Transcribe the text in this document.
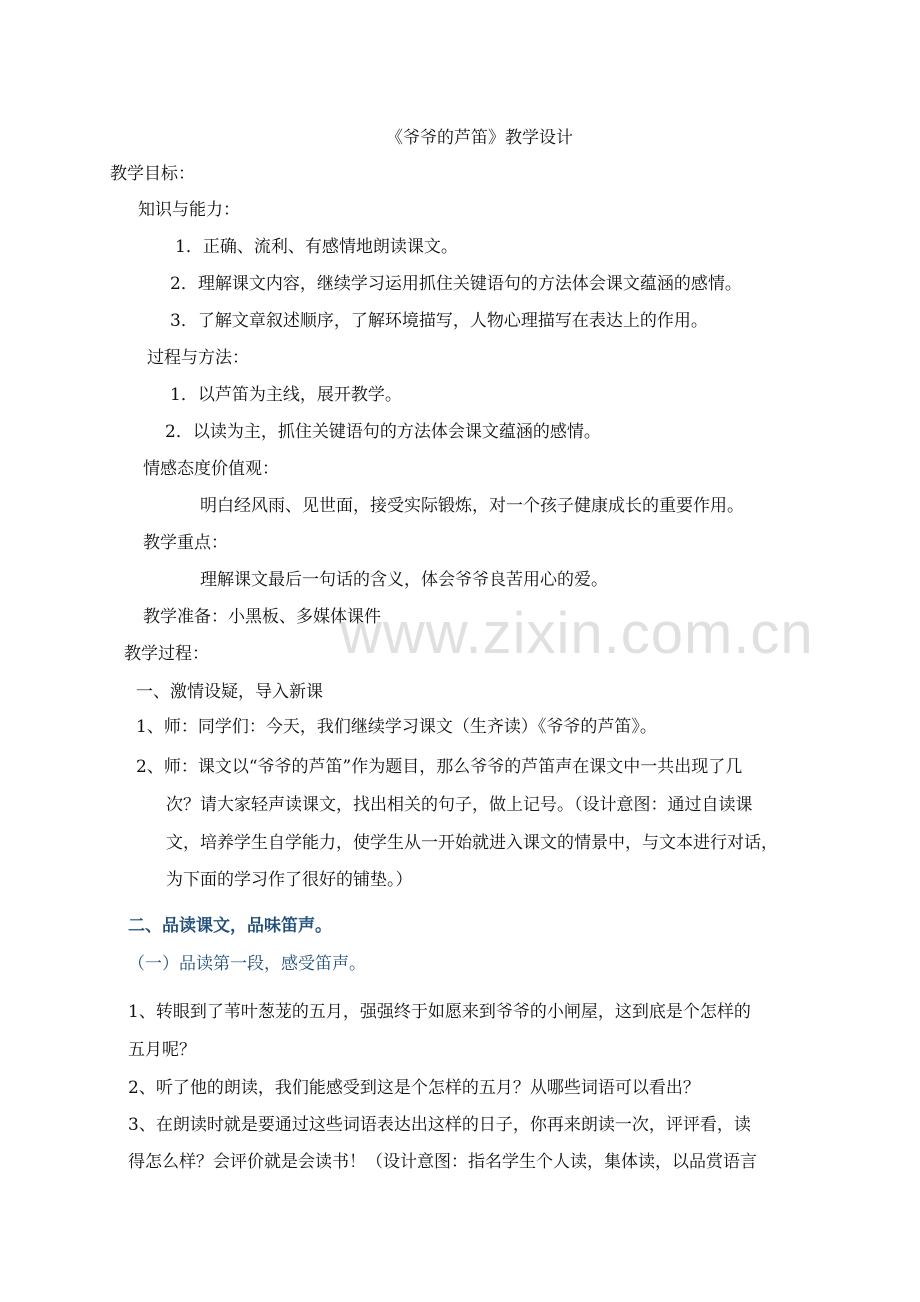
《爷爷的芦笛》教学设计
教学目标：
知识与能力：
1．正确、流利、有感情地朗读课文。
2．理解课文内容，继续学习运用抓住关键语句的方法体会课文蕴涵的感情。
3．了解文章叙述顺序，了解环境描写，人物心理描写在表达上的作用。
过程与方法：
1．以芦笛为主线，展开教学。
2．以读为主，抓住关键语句的方法体会课文蕴涵的感情。
情感态度价值观：
明白经风雨、见世面，接受实际锻炼，对一个孩子健康成长的重要作用。
教学重点：
理解课文最后一句话的含义，体会爷爷良苦用心的爱。
教学准备：小黑板、多媒体课件
教学过程：
一、激情设疑，导入新课
1、师：同学们：今天，我们继续学习课文（生齐读）《爷爷的芦笛》。
2、师：课文以“爷爷的芦笛”作为题目，那么爷爷的芦笛声在课文中一共出现了几
次？请大家轻声读课文，找出相关的句子，做上记号。（设计意图：通过自读课
文，培养学生自学能力，使学生从一开始就进入课文的情景中，与文本进行对话，
为下面的学习作了很好的铺垫。）
二、品读课文，品味笛声。
（一）品读第一段，感受笛声。
1、转眼到了苇叶葱茏的五月，强强终于如愿来到爷爷的小闸屋，这到底是个怎样的
五月呢？
2、听了他的朗读，我们能感受到这是个怎样的五月？从哪些词语可以看出？
3、在朗读时就是要通过这些词语表达出这样的日子，你再来朗读一次，评评看，读
得怎么样？会评价就是会读书！（设计意图：指名学生个人读，集体读，以品赏语言
www.zixin.com.cn
